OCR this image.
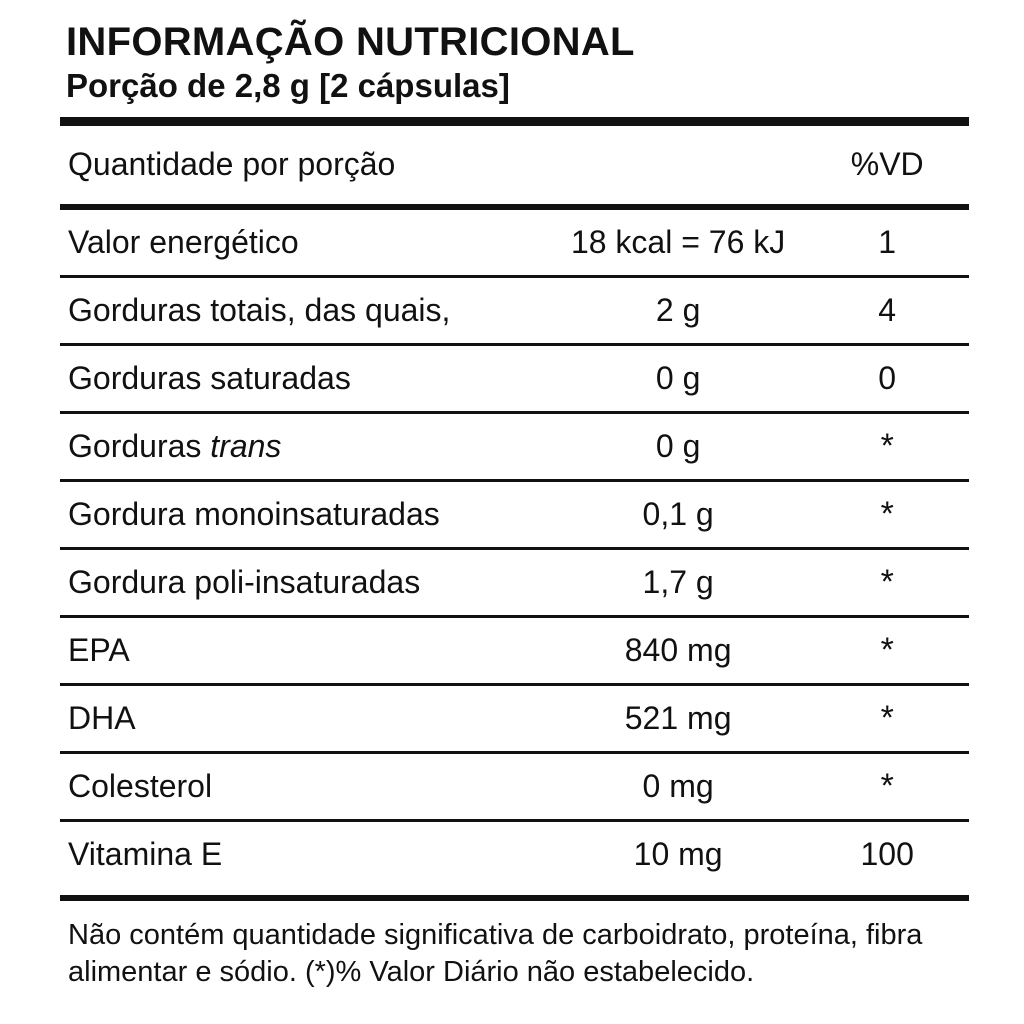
INFORMAÇÃO NUTRICIONAL
Porção de 2,8 g [2 cápsulas]
Quantidade por porção		%VD
Valor energético	18 kcal = 76 kJ	1

Gorduras totais, das quais,	2 g	4

Gorduras saturadas	0 g	0

Gorduras trans	0 g	*

Gordura monoinsaturadas	0,1 g	*

Gordura poli-insaturadas	1,7 g	*

EPA	840 mg	*

DHA	521 mg	*

Colesterol	0 mg	*

Vitamina E	10 mg	100
Não contém quantidade significativa de carboidrato, proteína, fibra
alimentar e sódio. (*)% Valor Diário não estabelecido.
